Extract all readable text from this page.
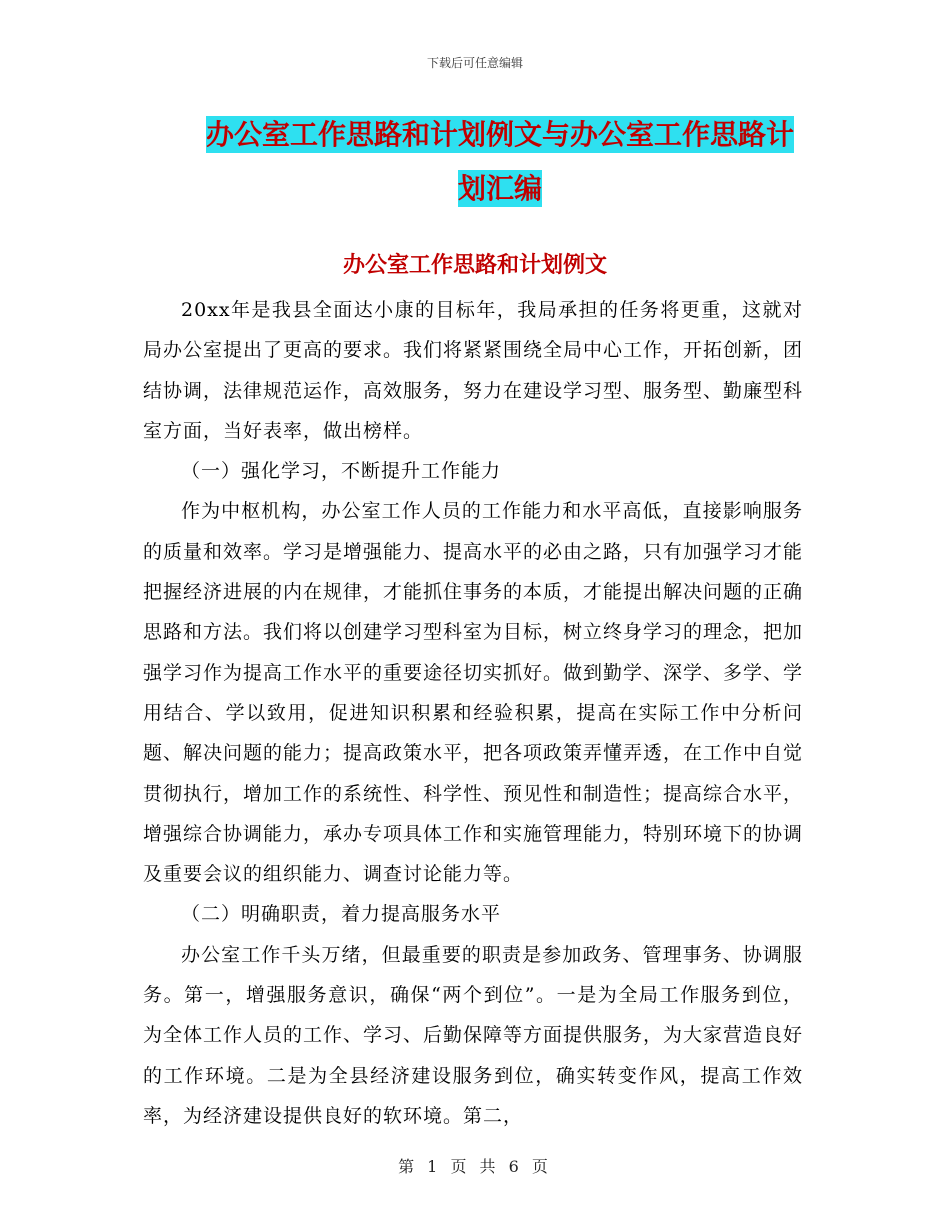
下载后可任意编辑
办公室工作思路和计划例文与办公室工作思路计划汇编
办公室工作思路和计划例文

20xx年是我县全面达小康的目标年，我局承担的任务将更重，这就对局办公室提出了更高的要求。我们将紧紧围绕全局中心工作，开拓创新，团结协调，法律规范运作，高效服务，努力在建设学习型、服务型、勤廉型科室方面，当好表率，做出榜样。

（一）强化学习，不断提升工作能力

作为中枢机构，办公室工作人员的工作能力和水平高低，直接影响服务的质量和效率。学习是增强能力、提高水平的必由之路，只有加强学习才能把握经济进展的内在规律，才能抓住事务的本质，才能提出解决问题的正确思路和方法。我们将以创建学习型科室为目标，树立终身学习的理念，把加强学习作为提高工作水平的重要途径切实抓好。做到勤学、深学、多学、学用结合、学以致用，促进知识积累和经验积累，提高在实际工作中分析问题、解决问题的能力；提高政策水平，把各项政策弄懂弄透，在工作中自觉贯彻执行，增加工作的系统性、科学性、预见性和制造性；提高综合水平，增强综合协调能力，承办专项具体工作和实施管理能力，特别环境下的协调及重要会议的组织能力、调查讨论能力等。

（二）明确职责，着力提高服务水平

办公室工作千头万绪，但最重要的职责是参加政务、管理事务、协调服务。第一，增强服务意识，确保“两个到位”。一是为全局工作服务到位，为全体工作人员的工作、学习、后勤保障等方面提供服务，为大家营造良好的工作环境。二是为全县经济建设服务到位，确实转变作风，提高工作效率，为经济建设提供良好的软环境。第二，

第 1 页 共 6 页
